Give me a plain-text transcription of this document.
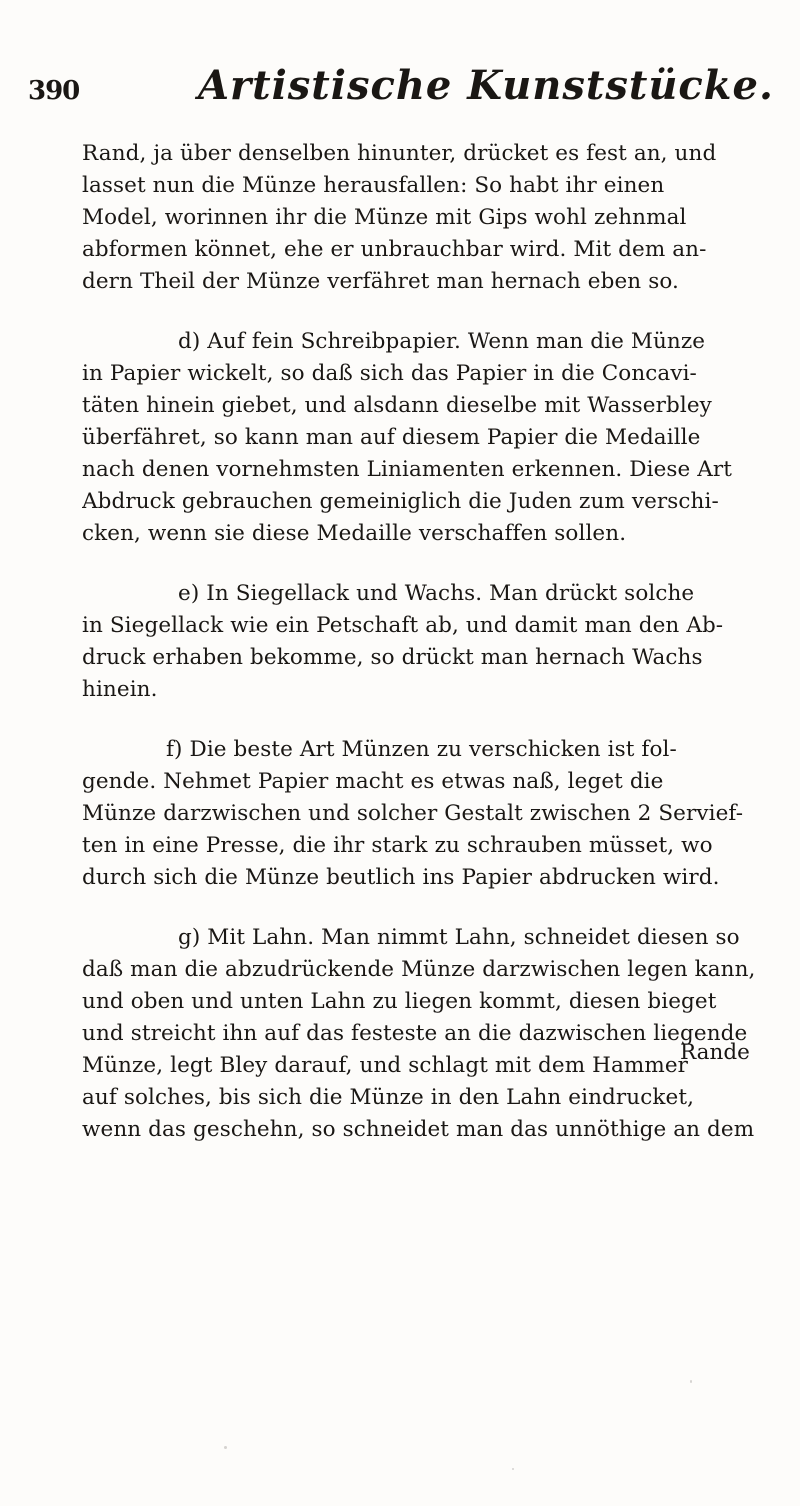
390	Artistische Kunststücke.
Rand, ja über denselben hinunter, drücket es fest an, und
lasset nun die Münze herausfallen: So habt ihr einen
Model, worinnen ihr die Münze mit Gips wohl zehnmal
abformen könnet, ehe er unbrauchbar wird. Mit dem an-
dern Theil der Münze verfähret man hernach eben so.
d) Auf fein Schreibpapier. Wenn man die Münze
in Papier wickelt, so daß sich das Papier in die Concavi-
täten hinein giebet, und alsdann dieselbe mit Wasserbley
überfähret, so kann man auf diesem Papier die Medaille
nach denen vornehmsten Liniamenten erkennen. Diese Art
Abdruck gebrauchen gemeiniglich die Juden zum verschi-
cken, wenn sie diese Medaille verschaffen sollen.
e) In Siegellack und Wachs. Man drückt solche
in Siegellack wie ein Petschaft ab, und damit man den Ab-
druck erhaben bekomme, so drückt man hernach Wachs
hinein.
f) Die beste Art Münzen zu verschicken ist fol-
gende. Nehmet Papier macht es etwas naß, leget die
Münze darzwischen und solcher Gestalt zwischen 2 Servief-
ten in eine Presse, die ihr stark zu schrauben müsset, wo
durch sich die Münze beutlich ins Papier abdrucken wird.
g) Mit Lahn. Man nimmt Lahn, schneidet diesen so
daß man die abzudrückende Münze darzwischen legen kann,
und oben und unten Lahn zu liegen kommt, diesen bieget
und streicht ihn auf das festeste an die dazwischen liegende
Münze, legt Bley darauf, und schlagt mit dem Hammer
auf solches, bis sich die Münze in den Lahn eindrucket,
wenn das geschehn, so schneidet man das unnöthige an dem
Rande
